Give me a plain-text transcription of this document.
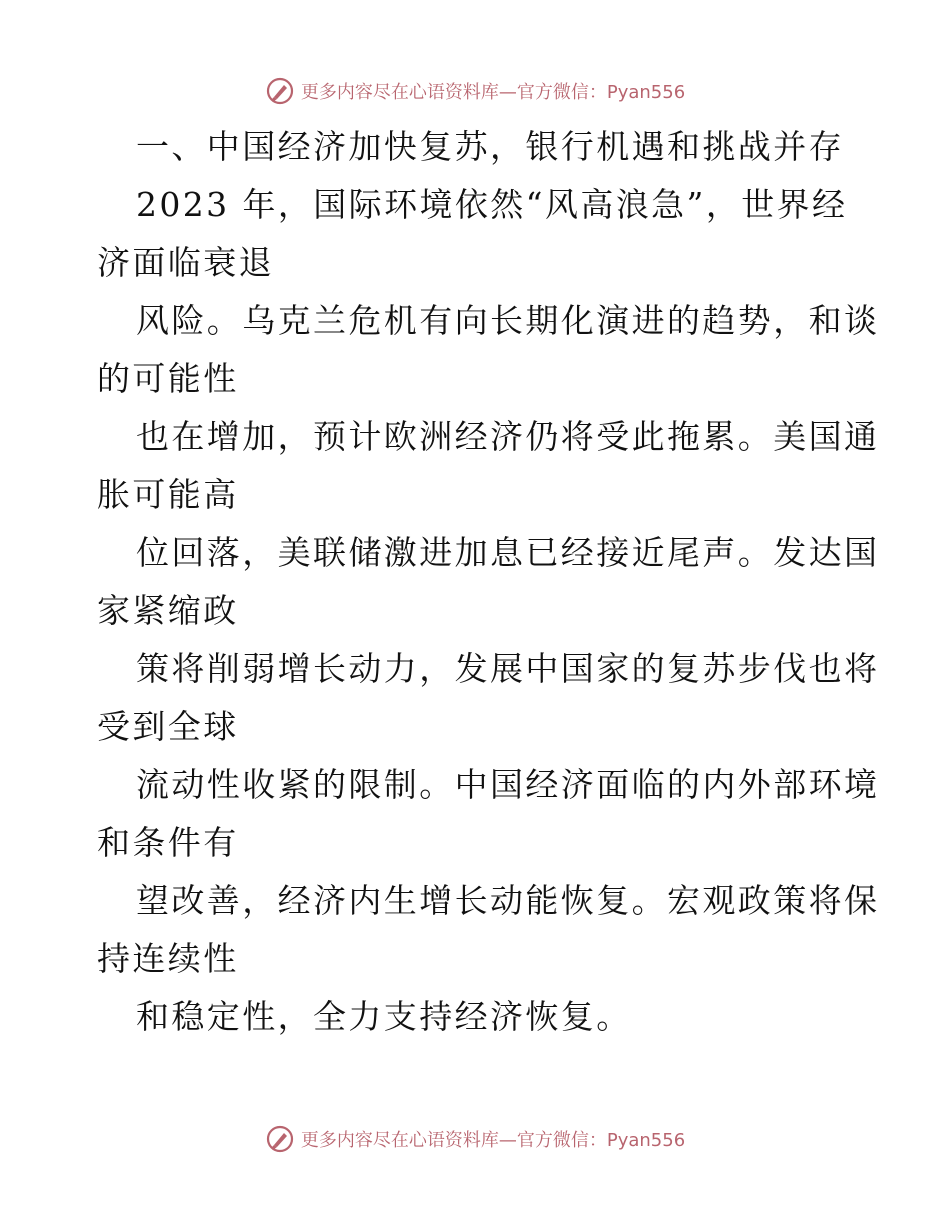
更多内容尽在心语资料库—官方微信：Pyan556
一、中国经济加快复苏，银行机遇和挑战并存
2023 年，国际环境依然“风高浪急”，世界经
济面临衰退
风险。乌克兰危机有向长期化演进的趋势，和谈
的可能性
也在增加，预计欧洲经济仍将受此拖累。美国通
胀可能高
位回落，美联储激进加息已经接近尾声。发达国
家紧缩政
策将削弱增长动力，发展中国家的复苏步伐也将
受到全球
流动性收紧的限制。中国经济面临的内外部环境
和条件有
望改善，经济内生增长动能恢复。宏观政策将保
持连续性
和稳定性，全力支持经济恢复。
更多内容尽在心语资料库—官方微信：Pyan556
